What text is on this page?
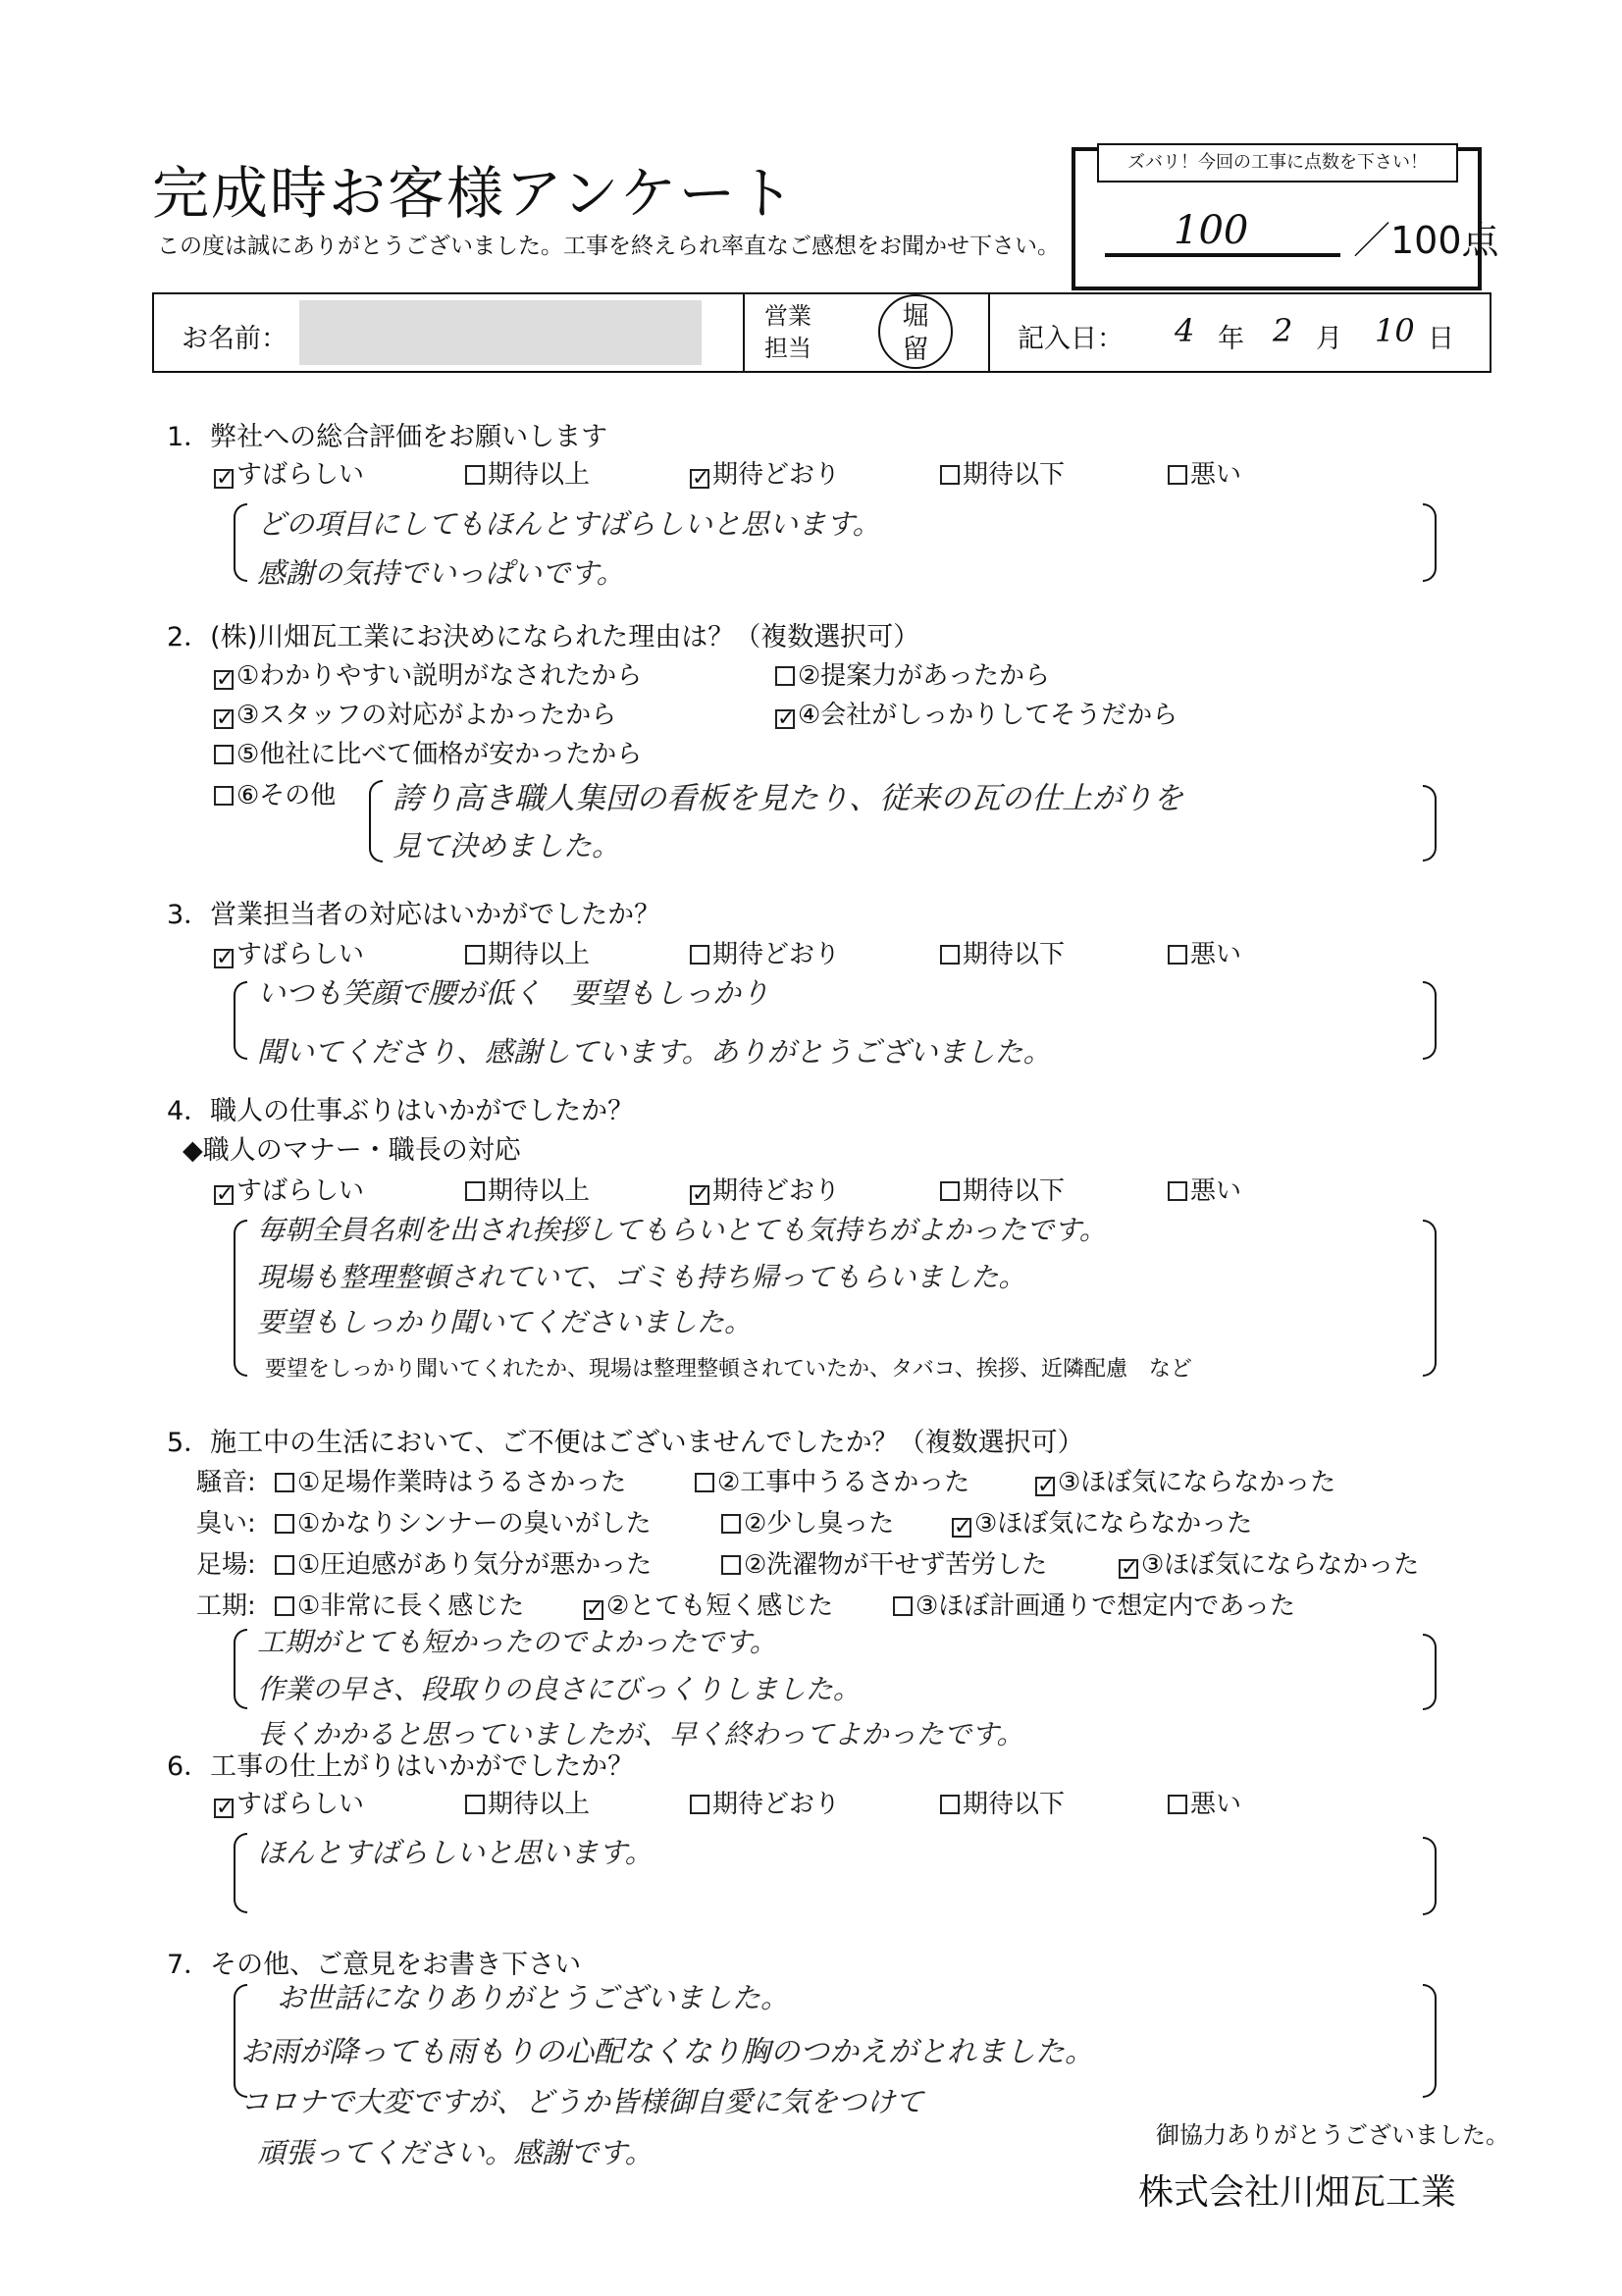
完成時お客様アンケート
この度は誠にありがとうございました。工事を終えられ率直なご感想をお聞かせ下さい。
ズバリ！今回の工事に点数を下さい！
100	／100点
お名前：
営業
担当
堀
留	記入日： 4 年 2 月 10 日
1．弊社への総合評価をお願いします
✓すばらしい	期待以上	✓期待どおり	期待以下	悪い
どの項目にしてもほんとすばらしいと思います。
感謝の気持でいっぱいです。
2．(株)川畑瓦工業にお決めになられた理由は？（複数選択可）
✓①わかりやすい説明がなされたから	②提案力があったから
✓③スタッフの対応がよかったから	✓④会社がしっかりしてそうだから
⑤他社に比べて価格が安かったから
⑥その他 誇り高き職人集団の看板を見たり、従来の瓦の仕上がりを
見て決めました。
3．営業担当者の対応はいかがでしたか？
✓すばらしい	期待以上	期待どおり	期待以下	悪い
いつも笑顔で腰が低く　要望もしっかり
聞いてくださり、感謝しています。ありがとうございました。
4．職人の仕事ぶりはいかがでしたか？
◆職人のマナー・職長の対応
✓すばらしい	期待以上	✓期待どおり	期待以下	悪い
毎朝全員名刺を出され挨拶してもらいとても気持ちがよかったです。
現場も整理整頓されていて、ゴミも持ち帰ってもらいました。
要望もしっかり聞いてくださいました。
要望をしっかり聞いてくれたか、現場は整理整頓されていたか、タバコ、挨拶、近隣配慮　など
5．施工中の生活において、ご不便はございませんでしたか？（複数選択可）
騒音:	①足場作業時はうるさかった	②工事中うるさかった	✓③ほぼ気にならなかった
臭い:	①かなりシンナーの臭いがした	②少し臭った	✓③ほぼ気にならなかった
足場:	①圧迫感があり気分が悪かった	②洗濯物が干せず苦労した	✓③ほぼ気にならなかった
工期:	①非常に長く感じた	✓②とても短く感じた	③ほぼ計画通りで想定内であった
工期がとても短かったのでよかったです。
作業の早さ、段取りの良さにびっくりしました。
長くかかると思っていましたが、早く終わってよかったです。
6．工事の仕上がりはいかがでしたか？
✓すばらしい	期待以上	期待どおり	期待以下	悪い
ほんとすばらしいと思います。
7．その他、ご意見をお書き下さい
お世話になりありがとうございました。
お雨が降っても雨もりの心配なくなり胸のつかえがとれました。
コロナで大変ですが、どうか皆様御自愛に気をつけて
頑張ってください。感謝です。
御協力ありがとうございました。
株式会社川畑瓦工業
